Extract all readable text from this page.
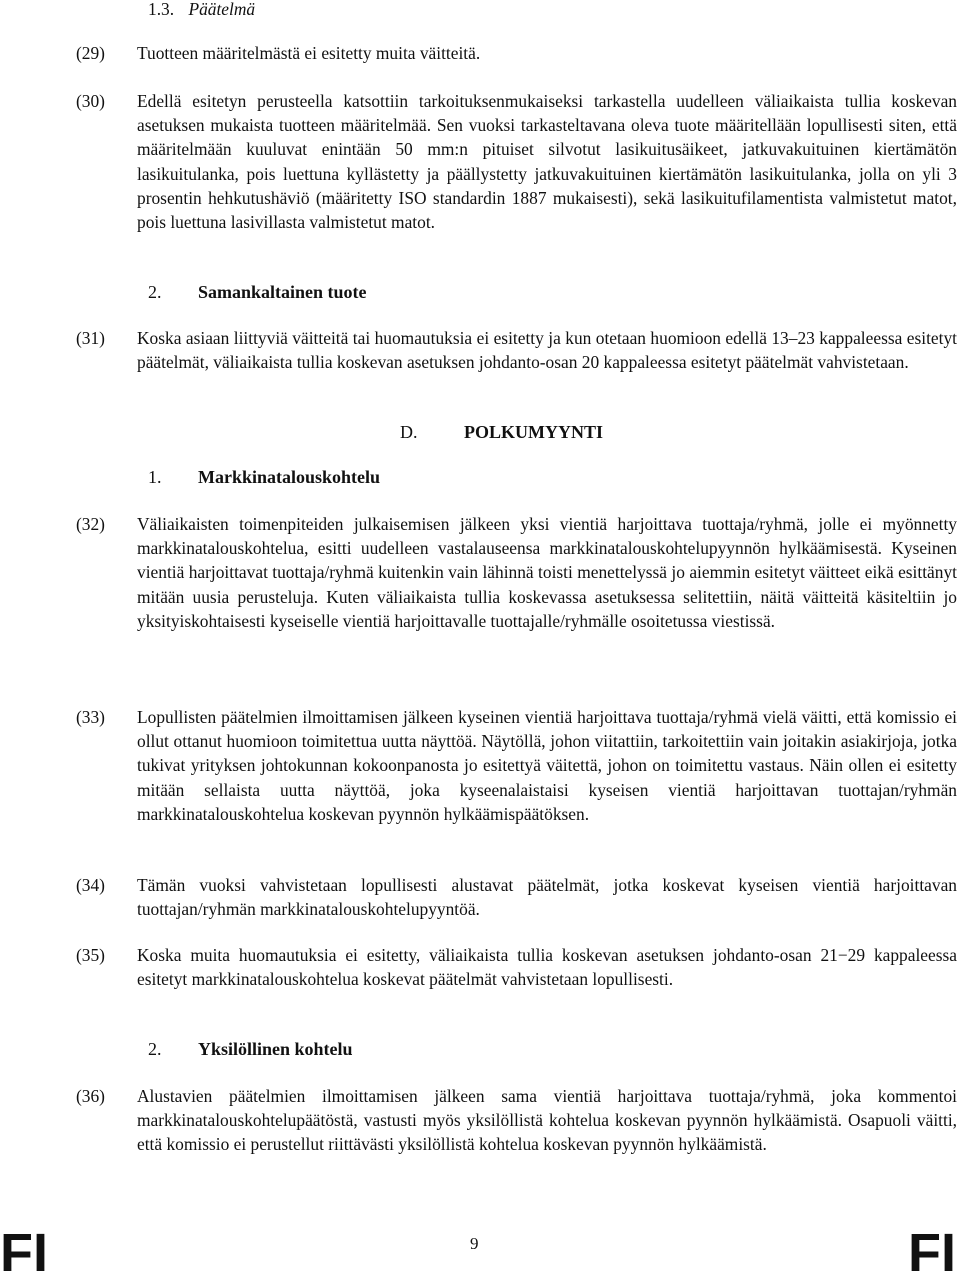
1.3. Päätelmä
(29)	Tuotteen määritelmästä ei esitetty muita väitteitä.
(30)	Edellä esitetyn perusteella katsottiin tarkoituksenmukaiseksi tarkastella uudelleen väliaikaista tullia koskevan asetuksen mukaista tuotteen määritelmää. Sen vuoksi tarkasteltavana oleva tuote määritellään lopullisesti siten, että määritelmään kuuluvat enintään 50 mm:n pituiset silvotut lasikuitusäikeet, jatkuvakuituinen kiertämätön lasikuitulanka, pois luettuna kyllästetty ja päällystetty jatkuvakuituinen kiertämätön lasikuitulanka, jolla on yli 3 prosentin hehkutushäviö (määritetty ISO standardin 1887 mukaisesti), sekä lasikuitufilamentista valmistetut matot, pois luettuna lasivillasta valmistetut matot.
2. Samankaltainen tuote
(31)	Koska asiaan liittyviä väitteitä tai huomautuksia ei esitetty ja kun otetaan huomioon edellä 13–23 kappaleessa esitetyt päätelmät, väliaikaista tullia koskevan asetuksen johdanto-osan 20 kappaleessa esitetyt päätelmät vahvistetaan.
D.	POLKUMYYNTI
1. Markkinatalouskohtelu
(32)	Väliaikaisten toimenpiteiden julkaisemisen jälkeen yksi vientiä harjoittava tuottaja/ryhmä, jolle ei myönnetty markkinatalouskohtelua, esitti uudelleen vastalauseensa markkinatalouskohtelupyynnön hylkäämisestä. Kyseinen vientiä harjoittavat tuottaja/ryhmä kuitenkin vain lähinnä toisti menettelyssä jo aiemmin esitetyt väitteet eikä esittänyt mitään uusia perusteluja. Kuten väliaikaista tullia koskevassa asetuksessa selitettiin, näitä väitteitä käsiteltiin jo yksityiskohtaisesti kyseiselle vientiä harjoittavalle tuottajalle/ryhmälle osoitetussa viestissä.
(33)	Lopullisten päätelmien ilmoittamisen jälkeen kyseinen vientiä harjoittava tuottaja/ryhmä vielä väitti, että komissio ei ollut ottanut huomioon toimitettua uutta näyttöä. Näytöllä, johon viitattiin, tarkoitettiin vain joitakin asiakirjoja, jotka tukivat yrityksen johtokunnan kokoonpanosta jo esitettyä väitettä, johon on toimitettu vastaus. Näin ollen ei esitetty mitään sellaista uutta näyttöä, joka kyseenalaistaisi kyseisen vientiä harjoittavan tuottajan/ryhmän markkinatalouskohtelua koskevan pyynnön hylkäämispäätöksen.
(34)	Tämän vuoksi vahvistetaan lopullisesti alustavat päätelmät, jotka koskevat kyseisen vientiä harjoittavan tuottajan/ryhmän markkinatalouskohtelupyyntöä.
(35)	Koska muita huomautuksia ei esitetty, väliaikaista tullia koskevan asetuksen johdanto-osan 21−29 kappaleessa esitetyt markkinatalouskohtelua koskevat päätelmät vahvistetaan lopullisesti.
2. Yksilöllinen kohtelu
(36)	Alustavien päätelmien ilmoittamisen jälkeen sama vientiä harjoittava tuottaja/ryhmä, joka kommentoi markkinatalouskohtelupäätöstä, vastusti myös yksilöllistä kohtelua koskevan pyynnön hylkäämistä. Osapuoli väitti, että komissio ei perustellut riittävästi yksilöllistä kohtelua koskevan pyynnön hylkäämistä.
FI	9	FI
